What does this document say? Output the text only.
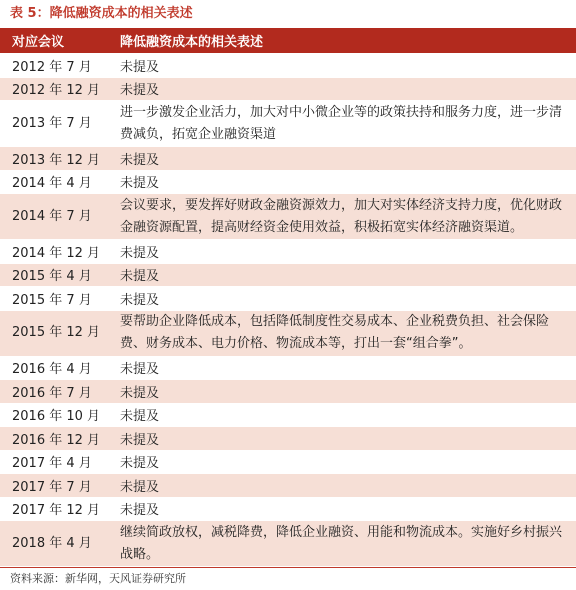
表 5：降低融资成本的相关表述
对应会议	降低融资成本的相关表述
2012 年 7 月	未提及
2012 年 12 月	未提及
2013 年 7 月	进一步激发企业活力，加大对中小微企业等的政策扶持和服务力度，进一步清费减负，拓宽企业融资渠道
2013 年 12 月	未提及
2014 年 4 月	未提及
2014 年 7 月	会议要求，要发挥好财政金融资源效力，加大对实体经济支持力度，优化财政金融资源配置，提高财经资金使用效益，积极拓宽实体经济融资渠道。
2014 年 12 月	未提及
2015 年 4 月	未提及
2015 年 7 月	未提及
2015 年 12 月	要帮助企业降低成本，包括降低制度性交易成本、企业税费负担、社会保险费、财务成本、电力价格、物流成本等，打出一套“组合拳”。
2016 年 4 月	未提及
2016 年 7 月	未提及
2016 年 10 月	未提及
2016 年 12 月	未提及
2017 年 4 月	未提及
2017 年 7 月	未提及
2017 年 12 月	未提及
2018 年 4 月	继续简政放权，减税降费，降低企业融资、用能和物流成本。实施好乡村振兴战略。
资料来源：新华网，天风证券研究所
